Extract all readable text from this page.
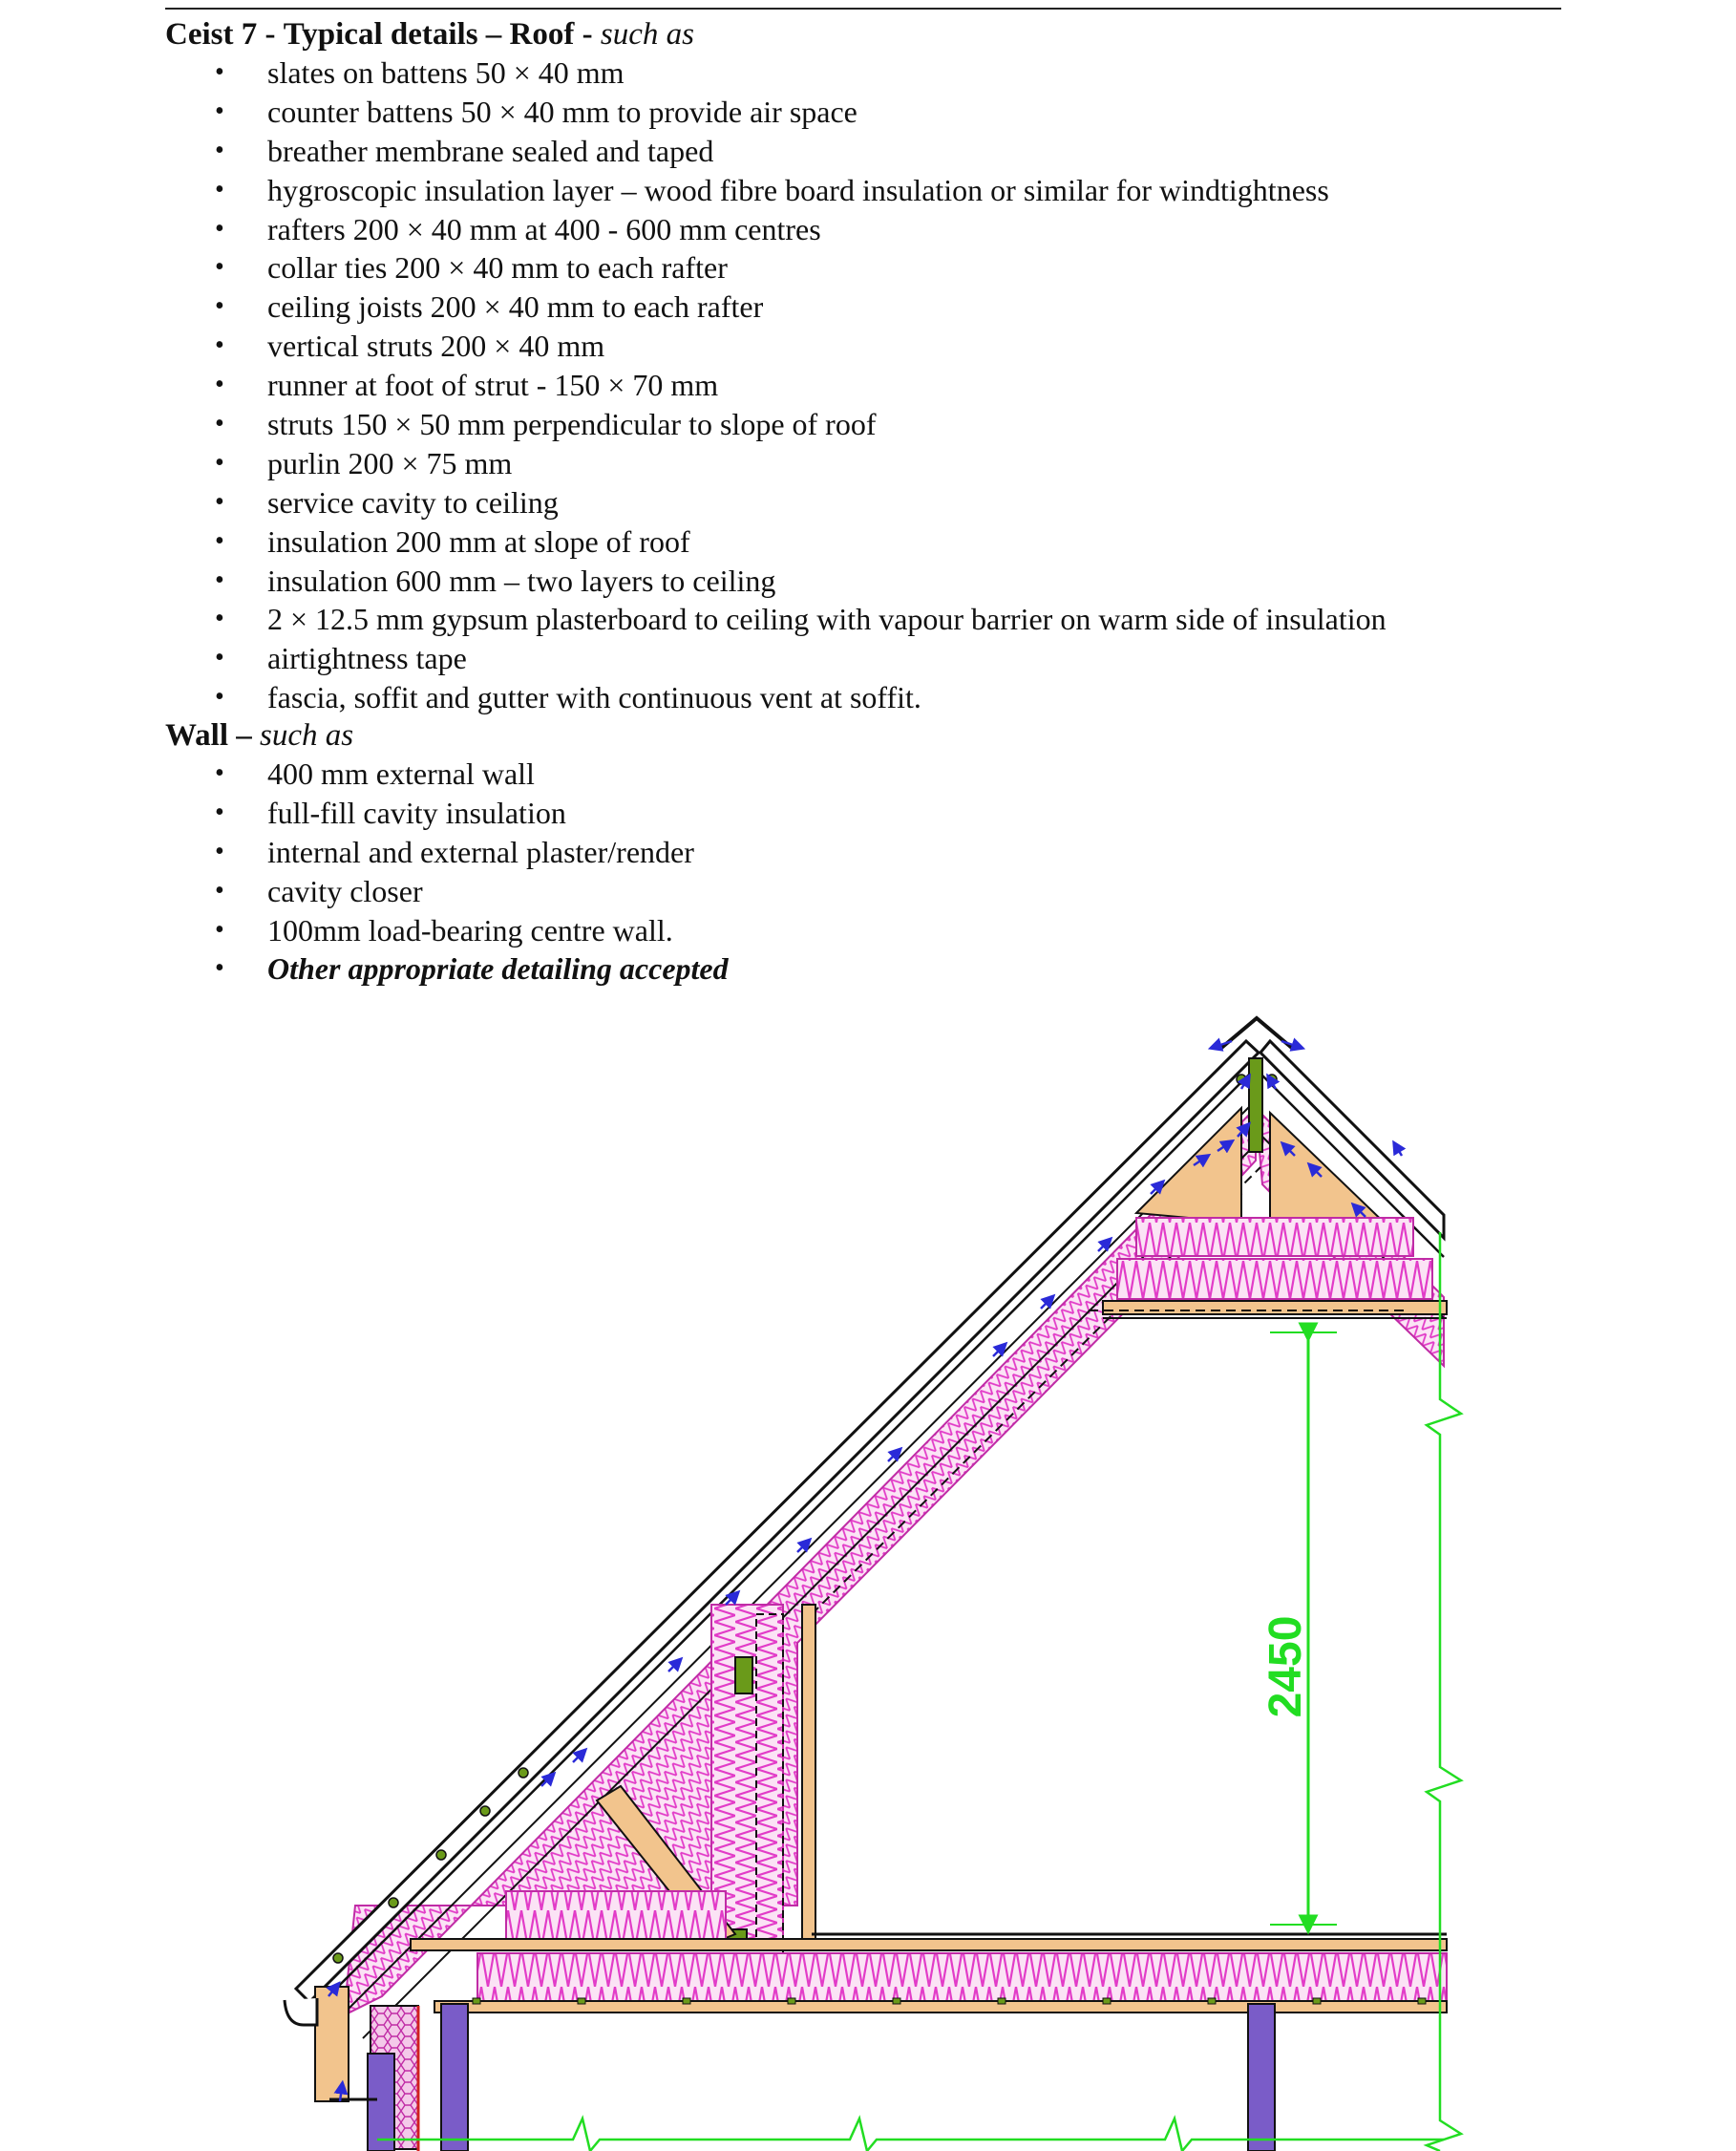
Ceist 7 - Typical details – Roof - such as
• slates on battens 50 × 40 mm
• counter battens 50 × 40 mm to provide air space
• breather membrane sealed and taped
• hygroscopic insulation layer – wood fibre board insulation or similar for windtightness
• rafters 200 × 40 mm at 400 - 600 mm centres
• collar ties 200 × 40 mm to each rafter
• ceiling joists 200 × 40 mm to each rafter
• vertical struts 200 × 40 mm
• runner at foot of strut - 150 × 70 mm
• struts 150 × 50 mm perpendicular to slope of roof
• purlin 200 × 75 mm
• service cavity to ceiling
• insulation 200 mm at slope of roof
• insulation 600 mm – two layers to ceiling
• 2 × 12.5 mm gypsum plasterboard to ceiling with vapour barrier on warm side of insulation
• airtightness tape
• fascia, soffit and gutter with continuous vent at soffit.
Wall – such as
• 400 mm external wall
• full-fill cavity insulation
• internal and external plaster/render
• cavity closer
• 100mm load-bearing centre wall.
• Other appropriate detailing accepted
2450
